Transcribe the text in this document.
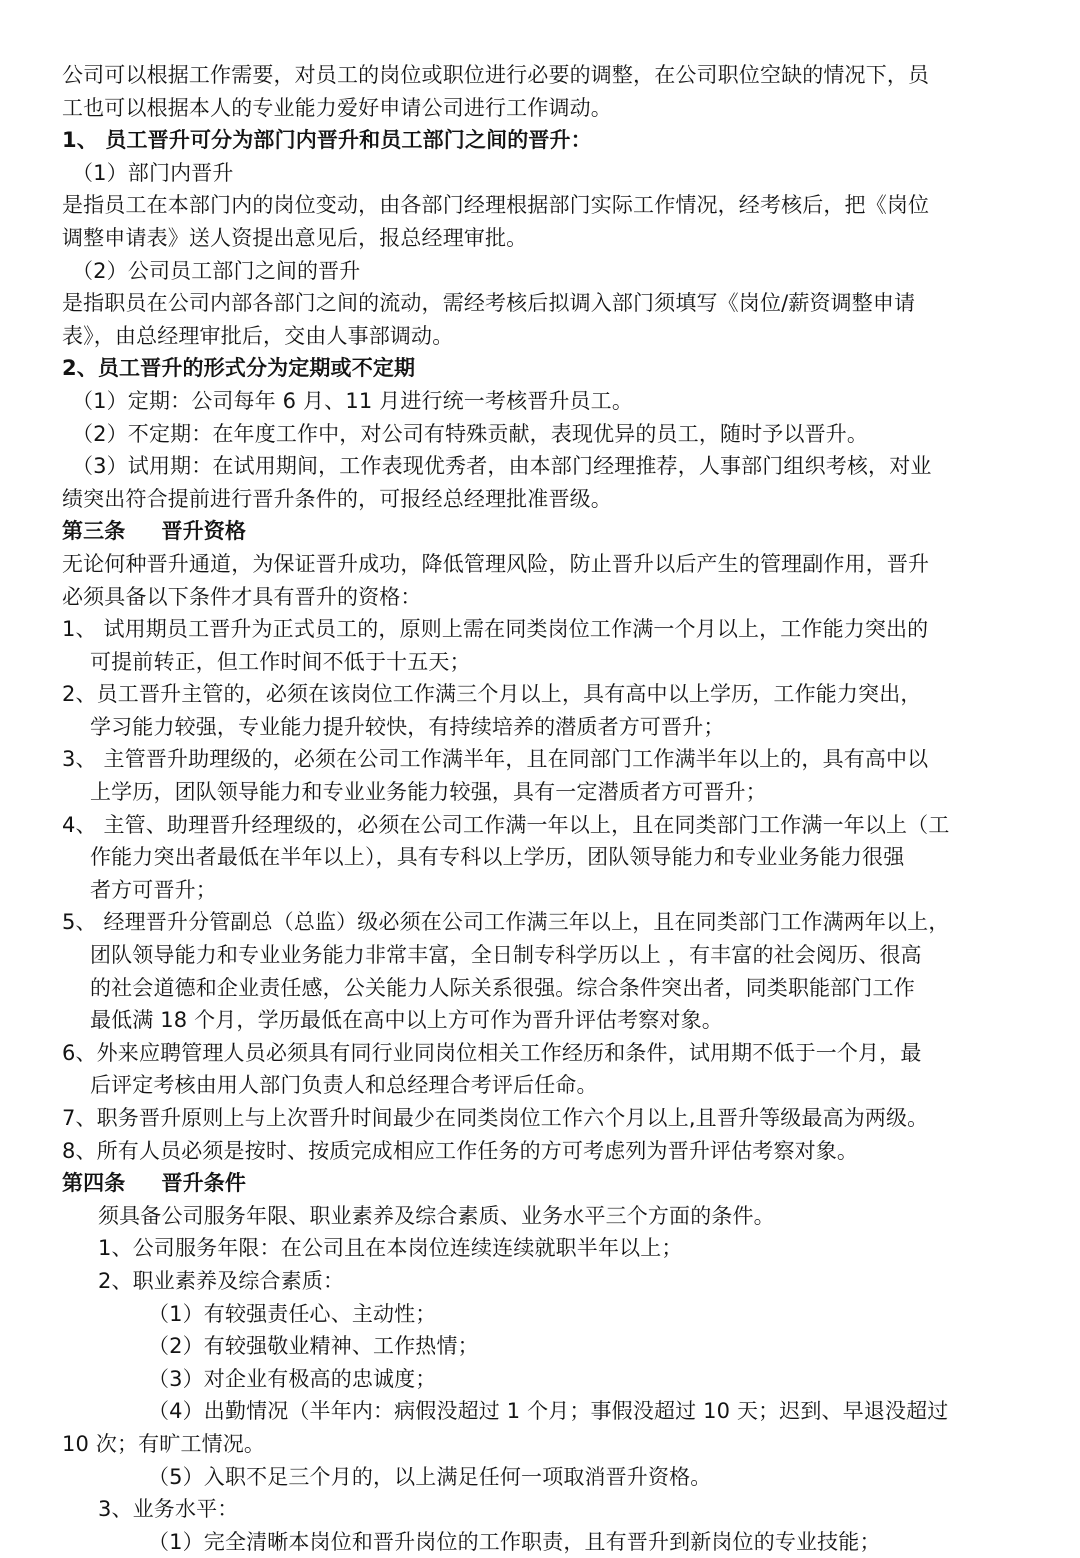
公司可以根据工作需要，对员工的岗位或职位进行必要的调整，在公司职位空缺的情况下，员
工也可以根据本人的专业能力爱好申请公司进行工作调动。
1、 员工晋升可分为部门内晋升和员工部门之间的晋升：
（1）部门内晋升
是指员工在本部门内的岗位变动，由各部门经理根据部门实际工作情况，经考核后，把《岗位
调整申请表》送人资提出意见后，报总经理审批。
（2）公司员工部门之间的晋升
是指职员在公司内部各部门之间的流动，需经考核后拟调入部门须填写《岗位/薪资调整申请
表》，由总经理审批后，交由人事部调动。
2、员工晋升的形式分为定期或不定期
（1）定期：公司每年 6 月、11 月进行统一考核晋升员工。
（2）不定期：在年度工作中，对公司有特殊贡献，表现优异的员工，随时予以晋升。
（3）试用期：在试用期间，工作表现优秀者，由本部门经理推荐，人事部门组织考核，对业
绩突出符合提前进行晋升条件的，可报经总经理批准晋级。
第三条 晋升资格
无论何种晋升通道，为保证晋升成功，降低管理风险，防止晋升以后产生的管理副作用，晋升
必须具备以下条件才具有晋升的资格：
1、 试用期员工晋升为正式员工的，原则上需在同类岗位工作满一个月以上，工作能力突出的
可提前转正，但工作时间不低于十五天；
2、员工晋升主管的，必须在该岗位工作满三个月以上，具有高中以上学历，工作能力突出，
学习能力较强，专业能力提升较快，有持续培养的潜质者方可晋升；
3、 主管晋升助理级的，必须在公司工作满半年，且在同部门工作满半年以上的，具有高中以
上学历，团队领导能力和专业业务能力较强，具有一定潜质者方可晋升；
4、 主管、助理晋升经理级的，必须在公司工作满一年以上，且在同类部门工作满一年以上（工
作能力突出者最低在半年以上），具有专科以上学历，团队领导能力和专业业务能力很强
者方可晋升；
5、 经理晋升分管副总（总监）级必须在公司工作满三年以上，且在同类部门工作满两年以上，
团队领导能力和专业业务能力非常丰富，全日制专科学历以上 ，有丰富的社会阅历、很高
的社会道德和企业责任感，公关能力人际关系很强。综合条件突出者，同类职能部门工作
最低满 18 个月，学历最低在高中以上方可作为晋升评估考察对象。
6、外来应聘管理人员必须具有同行业同岗位相关工作经历和条件，试用期不低于一个月，最
后评定考核由用人部门负责人和总经理合考评后任命。
7、职务晋升原则上与上次晋升时间最少在同类岗位工作六个月以上,且晋升等级最高为两级。
8、所有人员必须是按时、按质完成相应工作任务的方可考虑列为晋升评估考察对象。
第四条 晋升条件
须具备公司服务年限、职业素养及综合素质、业务水平三个方面的条件。
1、公司服务年限：在公司且在本岗位连续连续就职半年以上；
2、职业素养及综合素质：
（1）有较强责任心、主动性；
（2）有较强敬业精神、工作热情；
（3）对企业有极高的忠诚度；
（4）出勤情况（半年内：病假没超过 1 个月；事假没超过 10 天；迟到、早退没超过
10 次；有旷工情况。
（5）入职不足三个月的，以上满足任何一项取消晋升资格。
3、业务水平：
（1）完全清晰本岗位和晋升岗位的工作职责，且有晋升到新岗位的专业技能；
